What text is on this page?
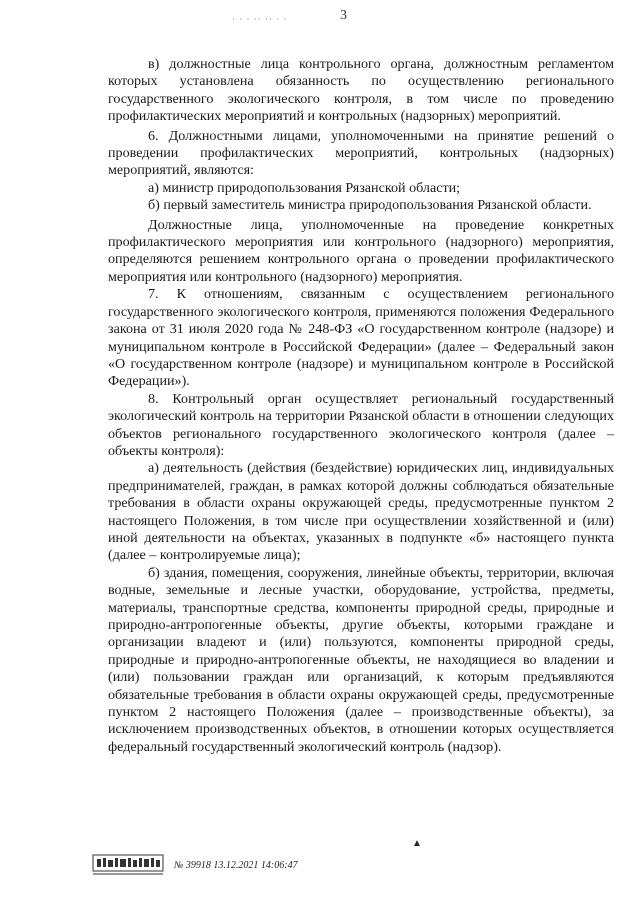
· · · ·· ·· · ·	3

в) должностные лица контрольного органа, должностным регламентом которых установлена обязанность по осуществлению регионального государственного экологического контроля, в том числе по проведению профилактических мероприятий и контрольных (надзорных) мероприятий.

6. Должностными лицами, уполномоченными на принятие решений о проведении профилактических мероприятий, контрольных (надзорных) мероприятий, являются:

а) министр природопользования Рязанской области;

б) первый заместитель министра природопользования Рязанской области.

Должностные лица, уполномоченные на проведение конкретных профилактического мероприятия или контрольного (надзорного) мероприятия, определяются решением контрольного органа о проведении профилактического мероприятия или контрольного (надзорного) мероприятия.

7. К отношениям, связанным с осуществлением регионального государственного экологического контроля, применяются положения Федерального закона от 31 июля 2020 года № 248-ФЗ «О государственном контроле (надзоре) и муниципальном контроле в Российской Федерации» (далее – Федеральный закон «О государственном контроле (надзоре) и муниципальном контроле в Российской Федерации»).

8. Контрольный орган осуществляет региональный государственный экологический контроль на территории Рязанской области в отношении следующих объектов регионального государственного экологического контроля (далее – объекты контроля):

а) деятельность (действия (бездействие) юридических лиц, индивидуальных предпринимателей, граждан, в рамках которой должны соблюдаться обязательные требования в области охраны окружающей среды, предусмотренные пунктом 2 настоящего Положения, в том числе при осуществлении хозяйственной и (или) иной деятельности на объектах, указанных в подпункте «б» настоящего пункта (далее – контролируемые лица);

б) здания, помещения, сооружения, линейные объекты, территории, включая водные, земельные и лесные участки, оборудование, устройства, предметы, материалы, транспортные средства, компоненты природной среды, природные и природно-антропогенные объекты, другие объекты, которыми граждане и организации владеют и (или) пользуются, компоненты природной среды, природные и природно-антропогенные объекты, не находящиеся во владении и (или) пользовании граждан или организаций, к которым предъявляются обязательные требования в области охраны окружающей среды, предусмотренные пунктом 2 настоящего Положения (далее – производственные объекты), за исключением производственных объектов, в отношении которых осуществляется федеральный государственный экологический контроль (надзор).

▲
№ 39918 13.12.2021 14:06:47
